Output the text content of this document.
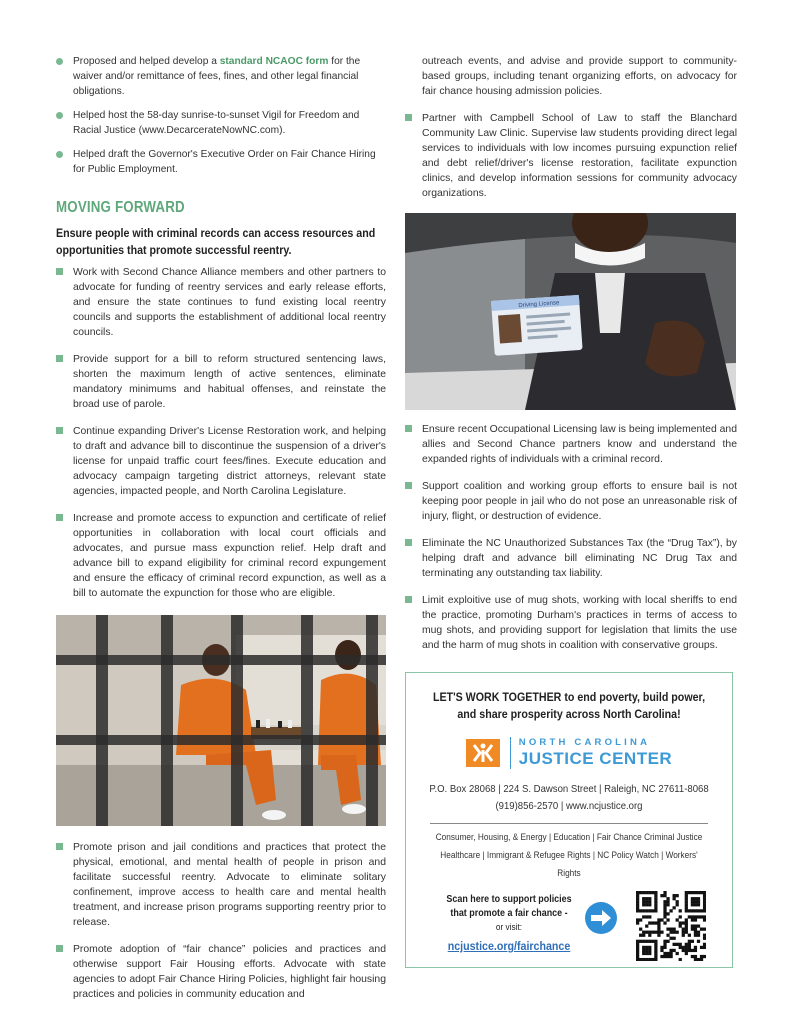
Proposed and helped develop a standard NCAOC form for the waiver and/or remittance of fees, fines, and other legal financial obligations.
Helped host the 58-day sunrise-to-sunset Vigil for Freedom and Racial Justice (www.DecarcerateNowNC.com).
Helped draft the Governor's Executive Order on Fair Chance Hiring for Public Employment.
MOVING FORWARD
Ensure people with criminal records can access resources and opportunities that promote successful reentry.
Work with Second Chance Alliance members and other partners to advocate for funding of reentry services and early release efforts, and ensure the state continues to fund existing local reentry councils and supports the establishment of additional local reentry councils.
Provide support for a bill to reform structured sentencing laws, shorten the maximum length of active sentences, eliminate mandatory minimums and habitual offenses, and reinstate the broad use of parole.
Continue expanding Driver's License Restoration work, and helping to draft and advance bill to discontinue the suspension of a driver's license for unpaid traffic court fees/fines. Execute education and advocacy campaign targeting district attorneys, relevant state agencies, impacted people, and North Carolina Legislature.
Increase and promote access to expunction and certificate of relief opportunities in collaboration with local court officials and advocates, and pursue mass expunction relief. Help draft and advance bill to expand eligibility for criminal record expungement and ensure the efficacy of criminal record expunction, as well as a bill to automate the expunction for those who are eligible.
Promote prison and jail conditions and practices that protect the physical, emotional, and mental health of people in prison and facilitate successful reentry. Advocate to eliminate solitary confinement, improve access to health care and mental health treatment, and increase prison programs supporting reentry prior to release.
Promote adoption of “fair chance” policies and practices and otherwise support Fair Housing efforts. Advocate with state agencies to adopt Fair Chance Hiring Policies, highlight fair housing practices and policies in community education and
outreach events, and advise and provide support to community-based groups, including tenant organizing efforts, on advocacy for fair chance housing admission policies.
Partner with Campbell School of Law to staff the Blanchard Community Law Clinic. Supervise law students providing direct legal services to individuals with low incomes pursuing expunction relief and debt relief/driver's license restoration, facilitate expunction clinics, and develop information sessions for community advocacy organizations.
Driving License
Ensure recent Occupational Licensing law is being implemented and allies and Second Chance partners know and understand the expanded rights of individuals with a criminal record.
Support coalition and working group efforts to ensure bail is not keeping poor people in jail who do not pose an unreasonable risk of injury, flight, or destruction of evidence.
Eliminate the NC Unauthorized Substances Tax (the “Drug Tax”), by helping draft and advance bill eliminating NC Drug Tax and terminating any outstanding tax liability.
Limit exploitive use of mug shots, working with local sheriffs to end the practice, promoting Durham's practices in terms of access to mug shots, and providing support for legislation that limits the use and the harm of mug shots in coalition with conservative groups.
LET'S WORK TOGETHER to end poverty, build power, and share prosperity across North Carolina!
NORTH CAROLINA
JUSTICE CENTER
P.O. Box 28068 | 224 S. Dawson Street | Raleigh, NC 27611-8068
(919)856-2570 | www.ncjustice.org
Consumer, Housing, & Energy | Education | Fair Chance Criminal Justice
Healthcare | Immigrant & Refugee Rights | NC Policy Watch | Workers' Rights
Scan here to support policies that promote a fair chance -
or visit:
ncjustice.org/fairchance
